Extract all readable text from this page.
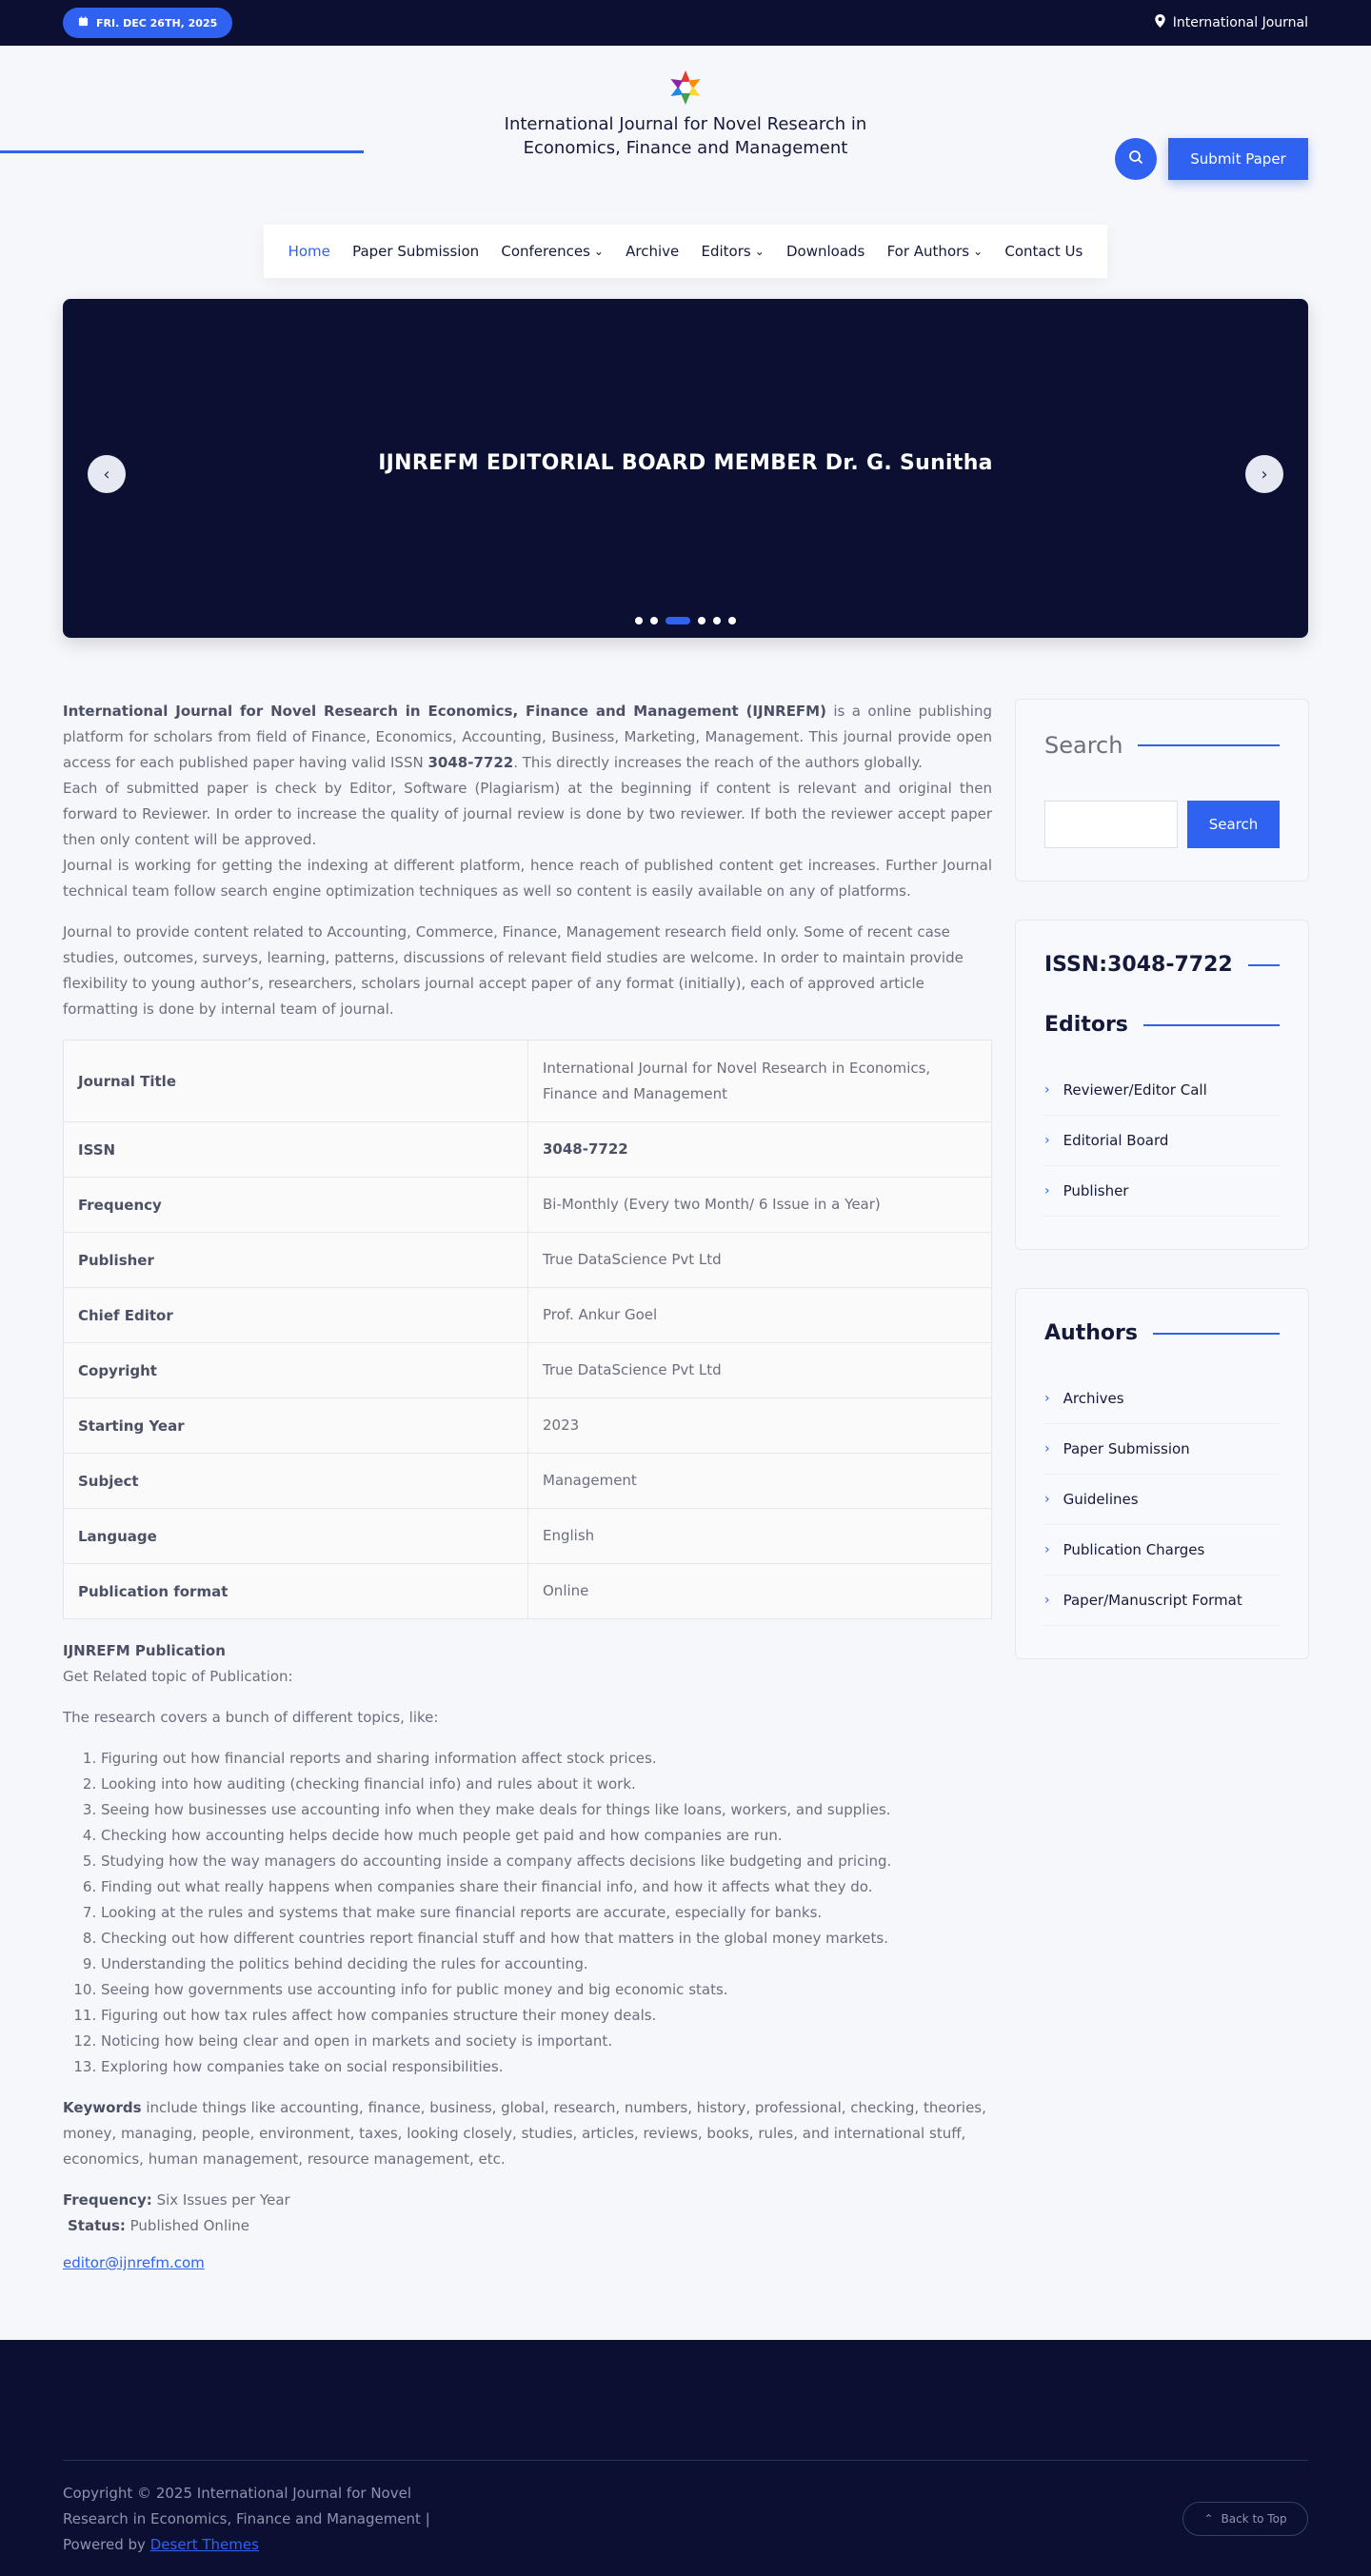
FRI. DEC 26TH, 2025	International Journal
International Journal for Novel Research in
Economics, Finance and Management
Submit Paper
Home Paper Submission Conferences ⌄ Archive Editors ⌄ Downloads For Authors ⌄ Contact Us
IJNREFM EDITORIAL BOARD MEMBER Dr. G. Sunitha
‹	›

International Journal for Novel Research in Economics, Finance and Management (IJNREFM) is a online publishing platform for scholars from field of Finance, Economics, Accounting, Business, Marketing, Management. This journal provide open access for each published paper having valid ISSN 3048-7722. This directly increases the reach of the authors globally.

Each of submitted paper is check by Editor, Software (Plagiarism) at the beginning if content is relevant and original then forward to Reviewer. In order to increase the quality of journal review is done by two reviewer. If both the reviewer accept paper then only content will be approved.

Journal is working for getting the indexing at different platform, hence reach of published content get increases. Further Journal technical team follow search engine optimization techniques as well so content is easily available on any of platforms.

Journal to provide content related to Accounting, Commerce, Finance, Management research field only. Some of recent case studies, outcomes, surveys, learning, patterns, discussions of relevant field studies are welcome. In order to maintain provide flexibility to young author’s, researchers, scholars journal accept paper of any format (initially), each of approved article formatting is done by internal team of journal.

Journal Title	International Journal for Novel Research in Economics, Finance and Management
ISSN	3048-7722
Frequency	Bi-Monthly (Every two Month/ 6 Issue in a Year)
Publisher	True DataScience Pvt Ltd
Chief Editor	Prof. Ankur Goel
Copyright	True DataScience Pvt Ltd
Starting Year	2023
Subject	Management
Language	English
Publication format	Online
IJNREFM Publication

Get Related topic of Publication:

The research covers a bunch of different topics, like:

1. Figuring out how financial reports and sharing information affect stock prices.
2. Looking into how auditing (checking financial info) and rules about it work.
3. Seeing how businesses use accounting info when they make deals for things like loans, workers, and supplies.
4. Checking how accounting helps decide how much people get paid and how companies are run.
5. Studying how the way managers do accounting inside a company affects decisions like budgeting and pricing.
6. Finding out what really happens when companies share their financial info, and how it affects what they do.
7. Looking at the rules and systems that make sure financial reports are accurate, especially for banks.
8. Checking out how different countries report financial stuff and how that matters in the global money markets.
9. Understanding the politics behind deciding the rules for accounting.
10. Seeing how governments use accounting info for public money and big economic stats.
11. Figuring out how tax rules affect how companies structure their money deals.
12. Noticing how being clear and open in markets and society is important.
13. Exploring how companies take on social responsibilities.

Keywords include things like accounting, finance, business, global, research, numbers, history, professional, checking, theories, money, managing, people, environment, taxes, looking closely, studies, articles, reviews, books, rules, and international stuff, economics, human management, resource management, etc.

Frequency: Six Issues per Year

Status: Published Online

editor@ijnrefm.com
Search
Search
ISSN:3048-7722
Editors
› Reviewer/Editor Call
› Editorial Board
› Publisher
Authors
› Archives
› Paper Submission
› Guidelines
› Publication Charges
› Paper/Manuscript Format
Copyright © 2025 International Journal for Novel
Research in Economics, Finance and Management |
Powered by Desert Themes
⌃ Back to Top
